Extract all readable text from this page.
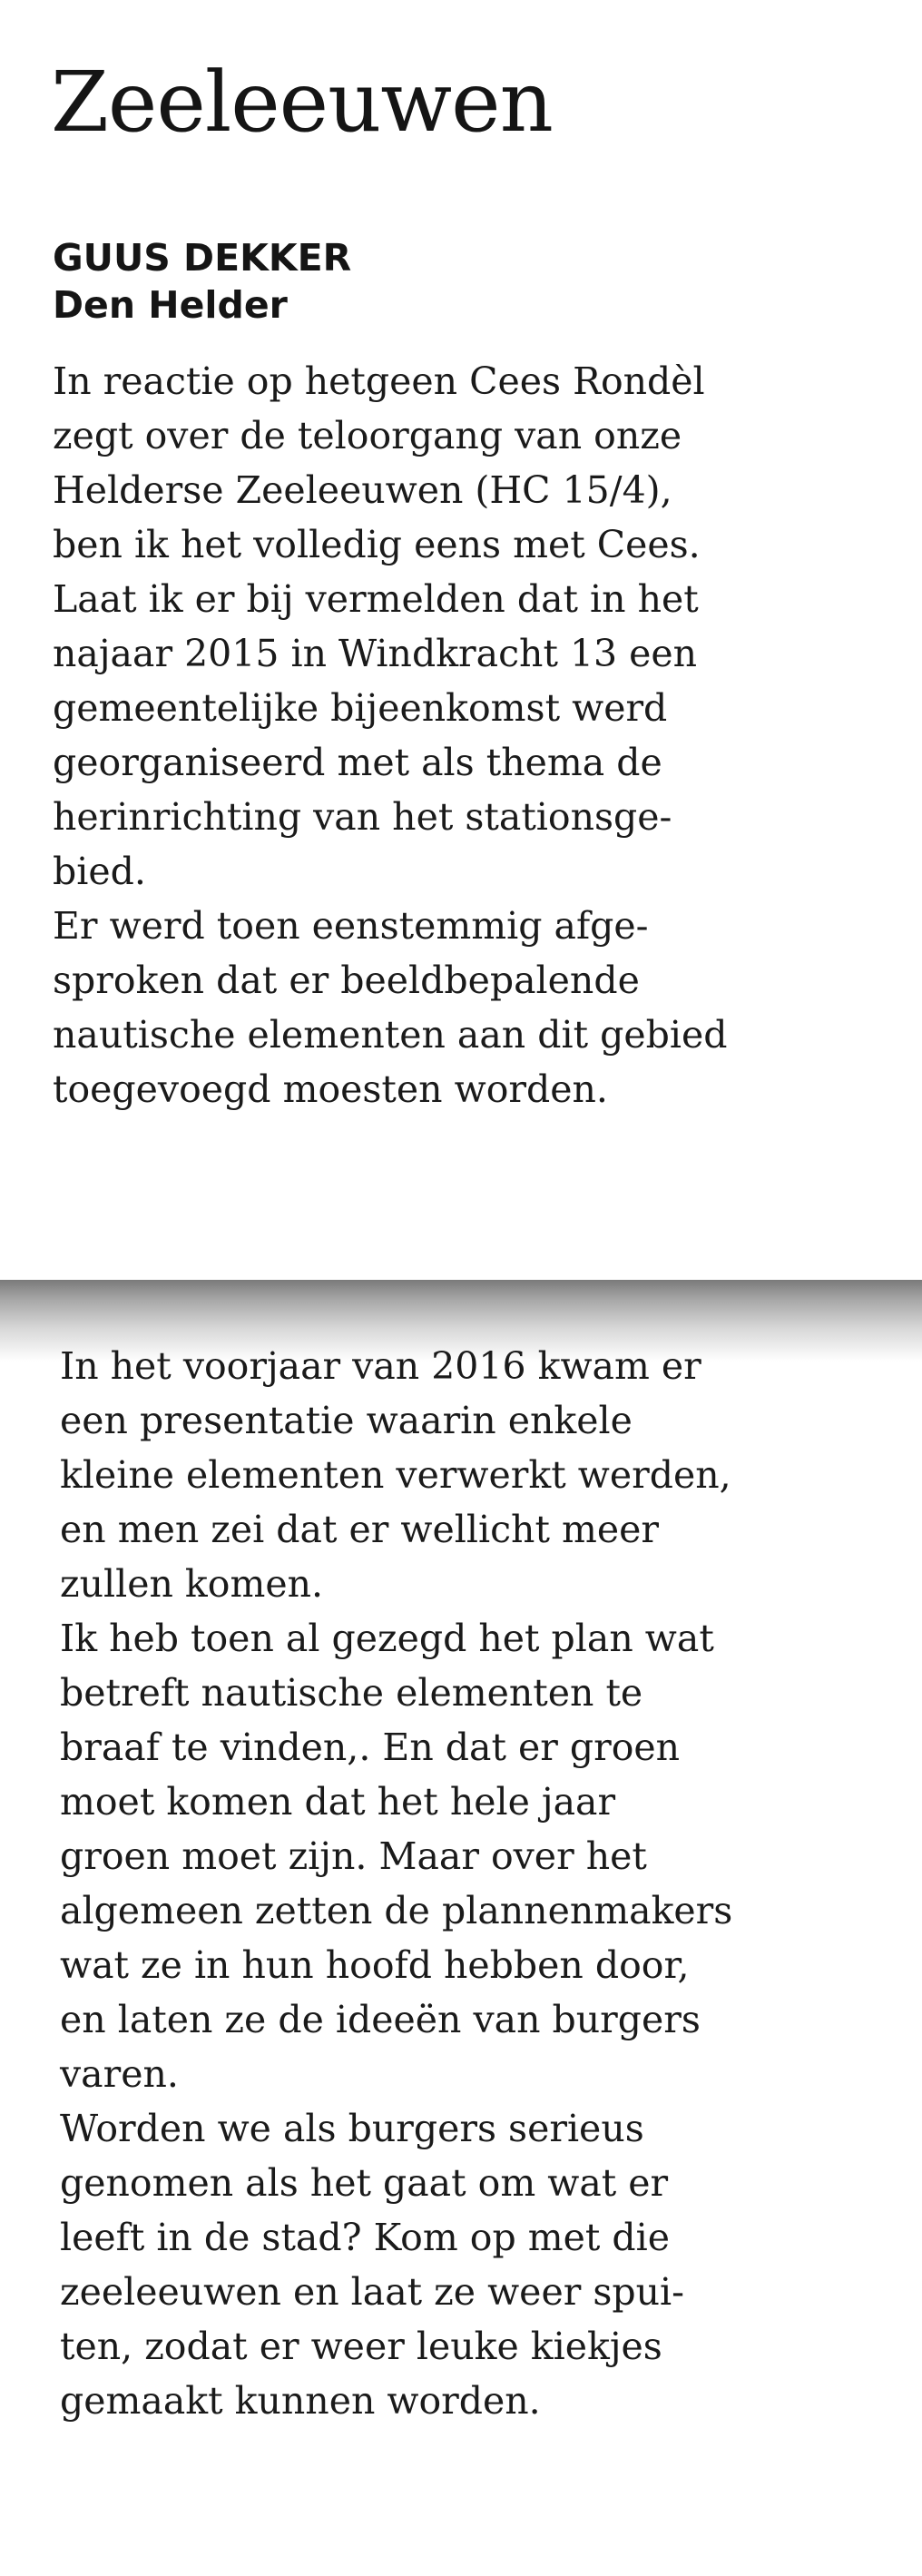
Zeeleeuwen
GUUS DEKKER
Den Helder
In reactie op hetgeen Cees Rondèl
zegt over de teloorgang van onze
Helderse Zeeleeuwen (HC 15/4),
ben ik het volledig eens met Cees.
Laat ik er bij vermelden dat in het
najaar 2015 in Windkracht 13 een
gemeentelijke bijeenkomst werd
georganiseerd met als thema de
herinrichting van het stationsge-
bied.
Er werd toen eenstemmig afge-
sproken dat er beeldbepalende
nautische elementen aan dit gebied
toegevoegd moesten worden.
In het voorjaar van 2016 kwam er
een presentatie waarin enkele
kleine elementen verwerkt werden,
en men zei dat er wellicht meer
zullen komen.
Ik heb toen al gezegd het plan wat
betreft nautische elementen te
braaf te vinden,. En dat er groen
moet komen dat het hele jaar
groen moet zijn. Maar over het
algemeen zetten de plannenmakers
wat ze in hun hoofd hebben door,
en laten ze de ideeën van burgers
varen.
Worden we als burgers serieus
genomen als het gaat om wat er
leeft in de stad? Kom op met die
zeeleeuwen en laat ze weer spui-
ten, zodat er weer leuke kiekjes
gemaakt kunnen worden.
